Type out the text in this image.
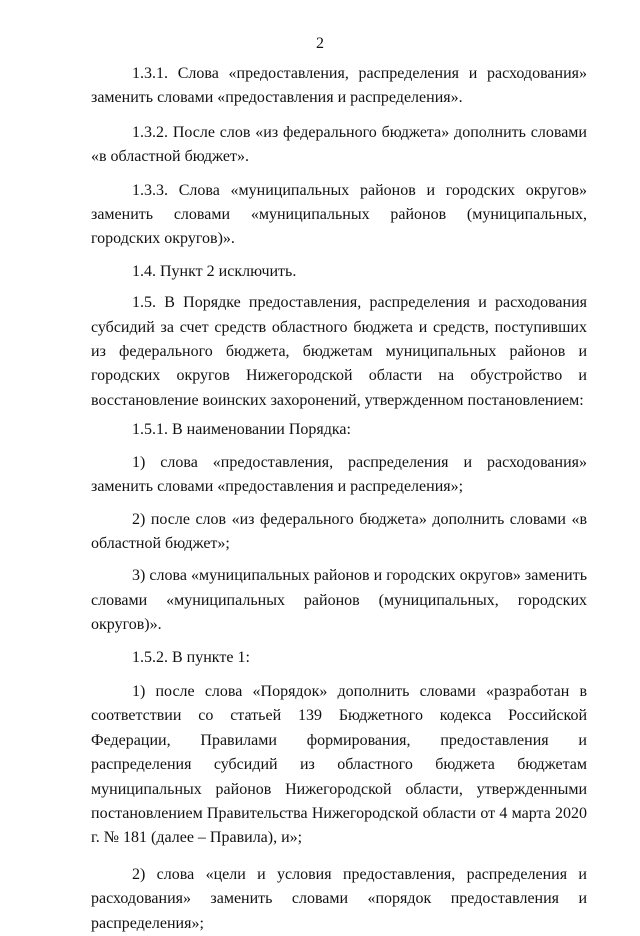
2

1.3.1. Слова «предоставления, распределения и расходования» заменить словами «предоставления и распределения».

1.3.2. После слов «из федерального бюджета» дополнить словами «в областной бюджет».

1.3.3. Слова «муниципальных районов и городских округов» заменить словами «муниципальных районов (муниципальных, городских округов)».

1.4. Пункт 2 исключить.

1.5. В Порядке предоставления, распределения и расходования субсидий за счет средств областного бюджета и средств, поступивших из федерального бюджета, бюджетам муниципальных районов и городских округов Нижегородской области на обустройство и восстановление воинских захоронений, утвержденном постановлением:

1.5.1. В наименовании Порядка:

1) слова «предоставления, распределения и расходования» заменить словами «предоставления и распределения»;

2) после слов «из федерального бюджета» дополнить словами «в областной бюджет»;

3) слова «муниципальных районов и городских округов» заменить словами «муниципальных районов (муниципальных, городских округов)».

1.5.2. В пункте 1:

1) после слова «Порядок» дополнить словами «разработан в соответствии со статьей 139 Бюджетного кодекса Российской Федерации, Правилами формирования, предоставления и распределения субсидий из областного бюджета бюджетам муниципальных районов Нижегородской области, утвержденными постановлением Правительства Нижегородской области от 4 марта 2020 г. № 181 (далее – Правила), и»;

2) слова «цели и условия предоставления, распределения и расходования» заменить словами «порядок предоставления и распределения»;
